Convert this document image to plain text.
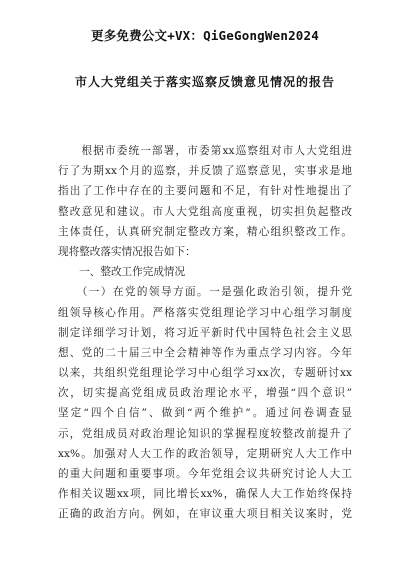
更多免费公文+VX：QiGeGongWen2024
市人大党组关于落实巡察反馈意见情况的报告
　　根据市委统一部署，市委第xx巡察组对市人大党组进
行了为期xx个月的巡察，并反馈了巡察意见，实事求是地
指出了工作中存在的主要问题和不足，有针对性地提出了
整改意见和建议。市人大党组高度重视，切实担负起整改
主体责任，认真研究制定整改方案，精心组织整改工作。
现将整改落实情况报告如下：
　　一、整改工作完成情况
　　（一）在党的领导方面。一是强化政治引领，提升党
组领导核心作用。严格落实党组理论学习中心组学习制度
制定详细学习计划，将习近平新时代中国特色社会主义思
想、党的二十届三中全会精神等作为重点学习内容。今年
以来，共组织党组理论学习中心组学习xx次，专题研讨xx
次，切实提高党组成员政治理论水平，增强“四个意识”
坚定“四个自信”、做到“两个维护”。通过问卷调查显
示，党组成员对政治理论知识的掌握程度较整改前提升了
xx%。加强对人大工作的政治领导，定期研究人大工作中
的重大问题和重要事项。今年党组会议共研究讨论人大工
作相关议题xx项，同比增长xx%，确保人大工作始终保持
正确的政治方向。例如，在审议重大项目相关议案时，党
